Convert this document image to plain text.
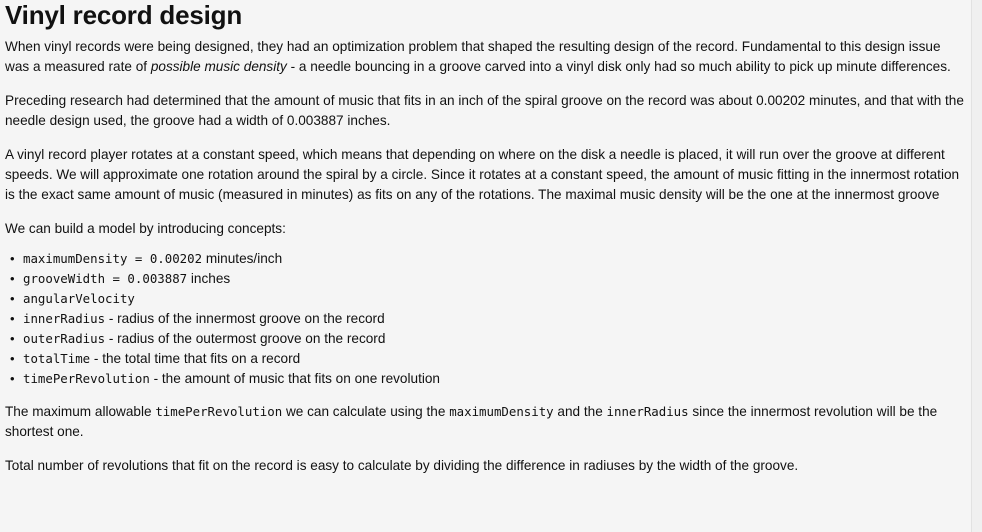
Vinyl record design

When vinyl records were being designed, they had an optimization problem that shaped the resulting design of the record. Fundamental to this design issue was a measured rate of possible music density - a needle bouncing in a groove carved into a vinyl disk only had so much ability to pick up minute differences.

Preceding research had determined that the amount of music that fits in an inch of the spiral groove on the record was about 0.00202 minutes, and that with the needle design used, the groove had a width of 0.003887 inches.

A vinyl record player rotates at a constant speed, which means that depending on where on the disk a needle is placed, it will run over the groove at different speeds. We will approximate one rotation around the spiral by a circle. Since it rotates at a constant speed, the amount of music fitting in the innermost rotation is the exact same amount of music (measured in minutes) as fits on any of the rotations. The maximal music density will be the one at the innermost groove

We can build a model by introducing concepts:

• maximumDensity = 0.00202 minutes/inch
• grooveWidth = 0.003887 inches
• angularVelocity
• innerRadius - radius of the innermost groove on the record
• outerRadius - radius of the outermost groove on the record
• totalTime - the total time that fits on a record
• timePerRevolution - the amount of music that fits on one revolution

The maximum allowable timePerRevolution we can calculate using the maximumDensity and the innerRadius since the innermost revolution will be the shortest one.

Total number of revolutions that fit on the record is easy to calculate by dividing the difference in radiuses by the width of the groove.
